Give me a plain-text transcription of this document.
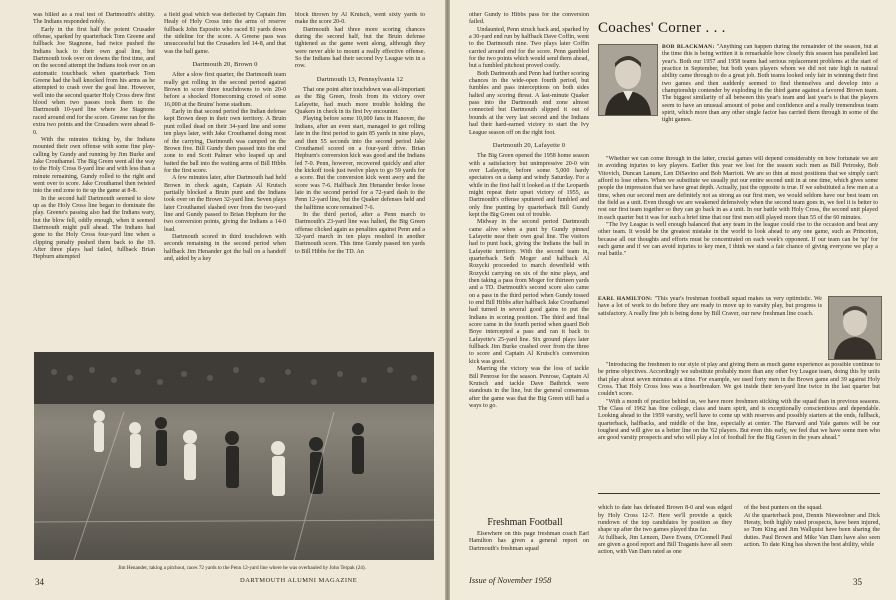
was billed as a real test of Dartmouth's ability. The Indians responded nobly.

Early in the first half the potent Crusader offense, sparked by quarterback Tom Greene and fullback Joe Stagnone, had twice pushed the Indians back to their own goal line, but Dartmouth took over on downs the first time, and on the second attempt the Indians took over on an automatic touchback when quarterback Tom Greene had the ball knocked from his arms as he attempted to crash over the goal line. However, well into the second quarter Holy Cross drew first blood when two passes took them to the Dartmouth 10-yard line where Joe Stagnone raced around end for the score. Greene ran for the extra two points and the Crusaders were ahead 8-0.

With the minutes ticking by, the Indians mounted their own offense with some fine play-calling by Gundy and running by Jim Burke and Jake Crouthamel. The Big Green went all the way to the Holy Cross 8-yard line and with less than a minute remaining, Gundy rolled to the right and went over to score. Jake Crouthamel then twisted into the end zone to tie up the game at 8-8.

In the second half Dartmouth seemed to slow up as the Holy Cross line began to dominate the play. Greene's passing also had the Indians wary, but the blow fell, oddly enough, when it seemed Dartmouth might pull ahead. The Indians had gone to the Holy Cross four-yard line when a clipping penalty pushed them back to the 19. After three plays had failed, fullback Brian Hepburn attempted

a field goal which was deflected by Captain Jim Healy of Holy Cross into the arms of reserve fullback John Esposito who raced 81 yards down the sideline for the score. A Greene pass was unsuccessful but the Crusaders led 14-8, and that was the ball game.

Dartmouth 20, Brown 0

After a slow first quarter, the Dartmouth team really got rolling in the second period against Brown to score three touchdowns to win 20-0 before a shocked Homecoming crowd of some 16,000 at the Bruins' home stadium.

Early in that second period the Indian defense kept Brown deep in their own territory. A Bruin punt rolled dead on their 34-yard line and some ten plays later, with Jake Crouthamel doing most of the carrying, Dartmouth was camped on the Brown five. Bill Gundy then passed into the end zone to end Scott Palmer who leaped up and batted the ball into the waiting arms of Bill Hibbs for the first score.

A few minutes later, after Dartmouth had held Brown in check again, Captain Al Krutsch partially blocked a Bruin punt and the Indians took over on the Brown 32-yard line. Seven plays later Crouthamel slashed over from the two-yard line and Gundy passed to Brian Hepburn for the two conversion points, giving the Indians a 14-0 lead.

Dartmouth scored in third touchdown with seconds remaining in the second period when halfback Jim Henander got the ball on a handoff and, aided by a key

block thrown by Al Krutsch, went sixty yards to make the score 20-0.

Dartmouth had three more scoring chances during the second half, but the Bruin defense tightened as the game went along, although they were never able to mount a really effective offense. So the Indians had their second Ivy League win in a row.

Dartmouth 13, Pennsylvania 12

That one point after touchdown was all-important as the Big Green, fresh from its victory over Lafayette, had much more trouble holding the Quakers in check in its first Ivy encounter.

Playing before some 10,000 fans in Hanover, the Indians, after an even start, managed to get rolling late in the first period to gain 85 yards in nine plays, and then 55 seconds into the second period Jake Crouthamel scored on a four-yard drive. Brian Hepburn's conversion kick was good and the Indians led 7-0. Penn, however, recovered quickly and after the kickoff took just twelve plays to go 59 yards for a score. But the conversion kick went awry and the score was 7-6. Halfback Jim Henander broke loose late in the second period for a 72-yard dash to the Penn 12-yard line, but the Quaker defenses held and the halftime score remained 7-6.

In the third period, after a Penn march to Dartmouth's 23-yard line was halted, the Big Green offense clicked again as penalties against Penn and a 32-yard march in ten plays resulted in another Dartmouth score. This time Gundy passed ten yards to Bill Hibbs for the TD. An

Jim Henander, taking a pitchout, races 72 yards to the Penn 12-yard line where he was overhauled by John Terpak (24).
34	DARTMOUTH ALUMNI MAGAZINE

other Gundy to Hibbs pass for the conversion failed.

Undaunted, Penn struck back and, sparked by a 30-yard end run by halfback Dave Coffin, went to the Dartmouth nine. Two plays later Coffin carried around end for the score. Penn gambled for the two points which would send them ahead, but a fumbled pitchout proved costly.

Both Dartmouth and Penn had further scoring chances in the wide-open fourth period, but fumbles and pass interceptions on both sides halted any scoring threat. A last-minute Quaker pass into the Dartmouth end zone almost connected but Dartmouth slipped it out of bounds at the very last second and the Indians had their hard-earned victory to start the Ivy League season off on the right foot.

Dartmouth 20, Lafayette 0

The Big Green opened the 1958 home season with a satisfactory but unimpressive 20-0 win over Lafayette, before some 5,000 hardy spectators on a damp and windy Saturday. For a while in the first half it looked as if the Leopards might repeat their upset victory of 1955, as Dartmouth's offense sputtered and fumbled and only fine punting by quarterback Bill Gundy kept the Big Green out of trouble.

Midway in the second period Dartmouth came alive when a punt by Gundy pinned Lafayette near their own goal line. The visitors had to punt back, giving the Indians the ball in Lafayette territory. With the second team in, quarterback Seth Moger and halfback Al Rozycki proceeded to march downfield with Rozycki carrying on six of the nine plays, and then taking a pass from Moger for thirteen yards and a TD. Dartmouth's second score also came on a pass in the third period when Gundy tossed to end Bill Hibbs after halfback Jake Crouthamel had turned in several good gains to put the Indians in scoring position. The third and final score came in the fourth period when guard Bob Boye intercepted a pass and ran it back to Lafayette's 25-yard line. Six ground plays later fullback Jim Burke crashed over from the three to score and Captain Al Krutsch's conversion kick was good.

Marring the victory was the loss of tackle Bill Penrose for the season. Penrose, Captain Al Krutsch and tackle Dave Bathrick were standouts in the line, but the general consensus after the game was that the Big Green still had a ways to go.

Freshman Football

Elsewhere on this page freshman coach Earl Hamilton has given a general report on Dartmouth's freshman squad

Coaches' Corner . . .

BOB BLACKMAN: "Anything can happen during the remainder of the season, but at the time this is being written it is remarkable how closely this season has paralleled last year's. Both our 1957 and 1958 teams had serious replacement problems at the start of practice in September, but both years players whom we did not rate high in natural ability came through to do a great job. Both teams looked only fair in winning their first two games and then suddenly seemed to find themselves and develop into a championship contender by exploding in the third game against a favored Brown team. The biggest similarity of all between this year's team and last year's is that the players seem to have an unusual amount of poise and confidence and a really tremendous team spirit, which more than any other single factor has carried them through in some of the tight games.

"Whether we can come through in the latter, crucial games will depend considerably on how fortunate we are in avoiding injuries to key players. Earlier this year we lost for the season such men as Bill Petrosky, Bob Vitovich, Duncan Lanum, Len DiSavino and Bob Marriott. We are so thin at most positions that we simply can't afford to lose others. When we substitute we usually put our entire second unit in at one time, which gives some people the impression that we have great depth. Actually, just the opposite is true. If we substituted a few men at a time, when our second men are definitely not as strong as our first men, we would seldom have our best team on the field as a unit. Even though we are weakened defensively when the second team goes in, we feel it is better to rest our first team together so they can go back in as a unit. In our battle with Holy Cross, the second unit played in each quarter but it was for such a brief time that our first men still played more than 55 of the 60 minutes.

"The Ivy League is well enough balanced that any team in the league could rise to the occasion and beat any other team. It would be the greatest mistake in the world to look ahead to any one game, such as Princeton, because all our thoughts and efforts must be concentrated on each week's opponent. If our team can be 'up' for each game and if we can avoid injuries to key men, I think we stand a fair chance of giving everyone we play a real battle."

EARL HAMILTON: "This year's freshman football squad makes us very optimistic. We have a lot of work to do before they are ready to move up to varsity play, but progress is satisfactory. A really fine job is being done by Bill Craver, our new freshman line coach.

"Introducing the freshmen to our style of play and giving them as much game experience as possible continue to be prime objectives. Accordingly we substitute probably more than any other Ivy League team, doing this by units that play about seven minutes at a time. For example, we used forty men in the Brown game and 39 against Holy Cross. That Holy Cross loss was a heartbreaker. We got inside their ten-yard line twice in the last quarter but couldn't score.

"With a month of practice behind us, we have more freshmen sticking with the squad than in previous seasons. The Class of 1962 has fine college, class and team spirit, and is exceptionally conscientious and dependable. Looking ahead to the 1959 varsity, we'll have to come up with reserves and possibly starters at the ends, fullback, quarterback, halfbacks, and middle of the line, especially at center. The Harvard and Yale games will be our toughest and will give us a better line on the '62 players. But even this early, we feel that we have some men who are good varsity prospects and who will play a lot of football for the Big Green in the years ahead."

which to date has defeated Brown 8-0 and was edged by Holy Cross 12-7. Here we'll provide a quick rundown of the top candidates by position as they shape up after the two games played thus far.
At fullback, Jim Lenzen, Dave Evans, O'Connell Paul are given a good report and Bill Traganis have all seen action, with Van Dam rated as one

of the best punters on the squad.
At the quarterback post, Dennis Nieweohner and Dick Heraty, both highly rated prospects, have been injured, so Tom King and Jim Wallquist have been sharing the duties. Paul Brown and Mike Van Dam have also seen action. To date King has shown the best ability, while

Issue of November 1958	35
